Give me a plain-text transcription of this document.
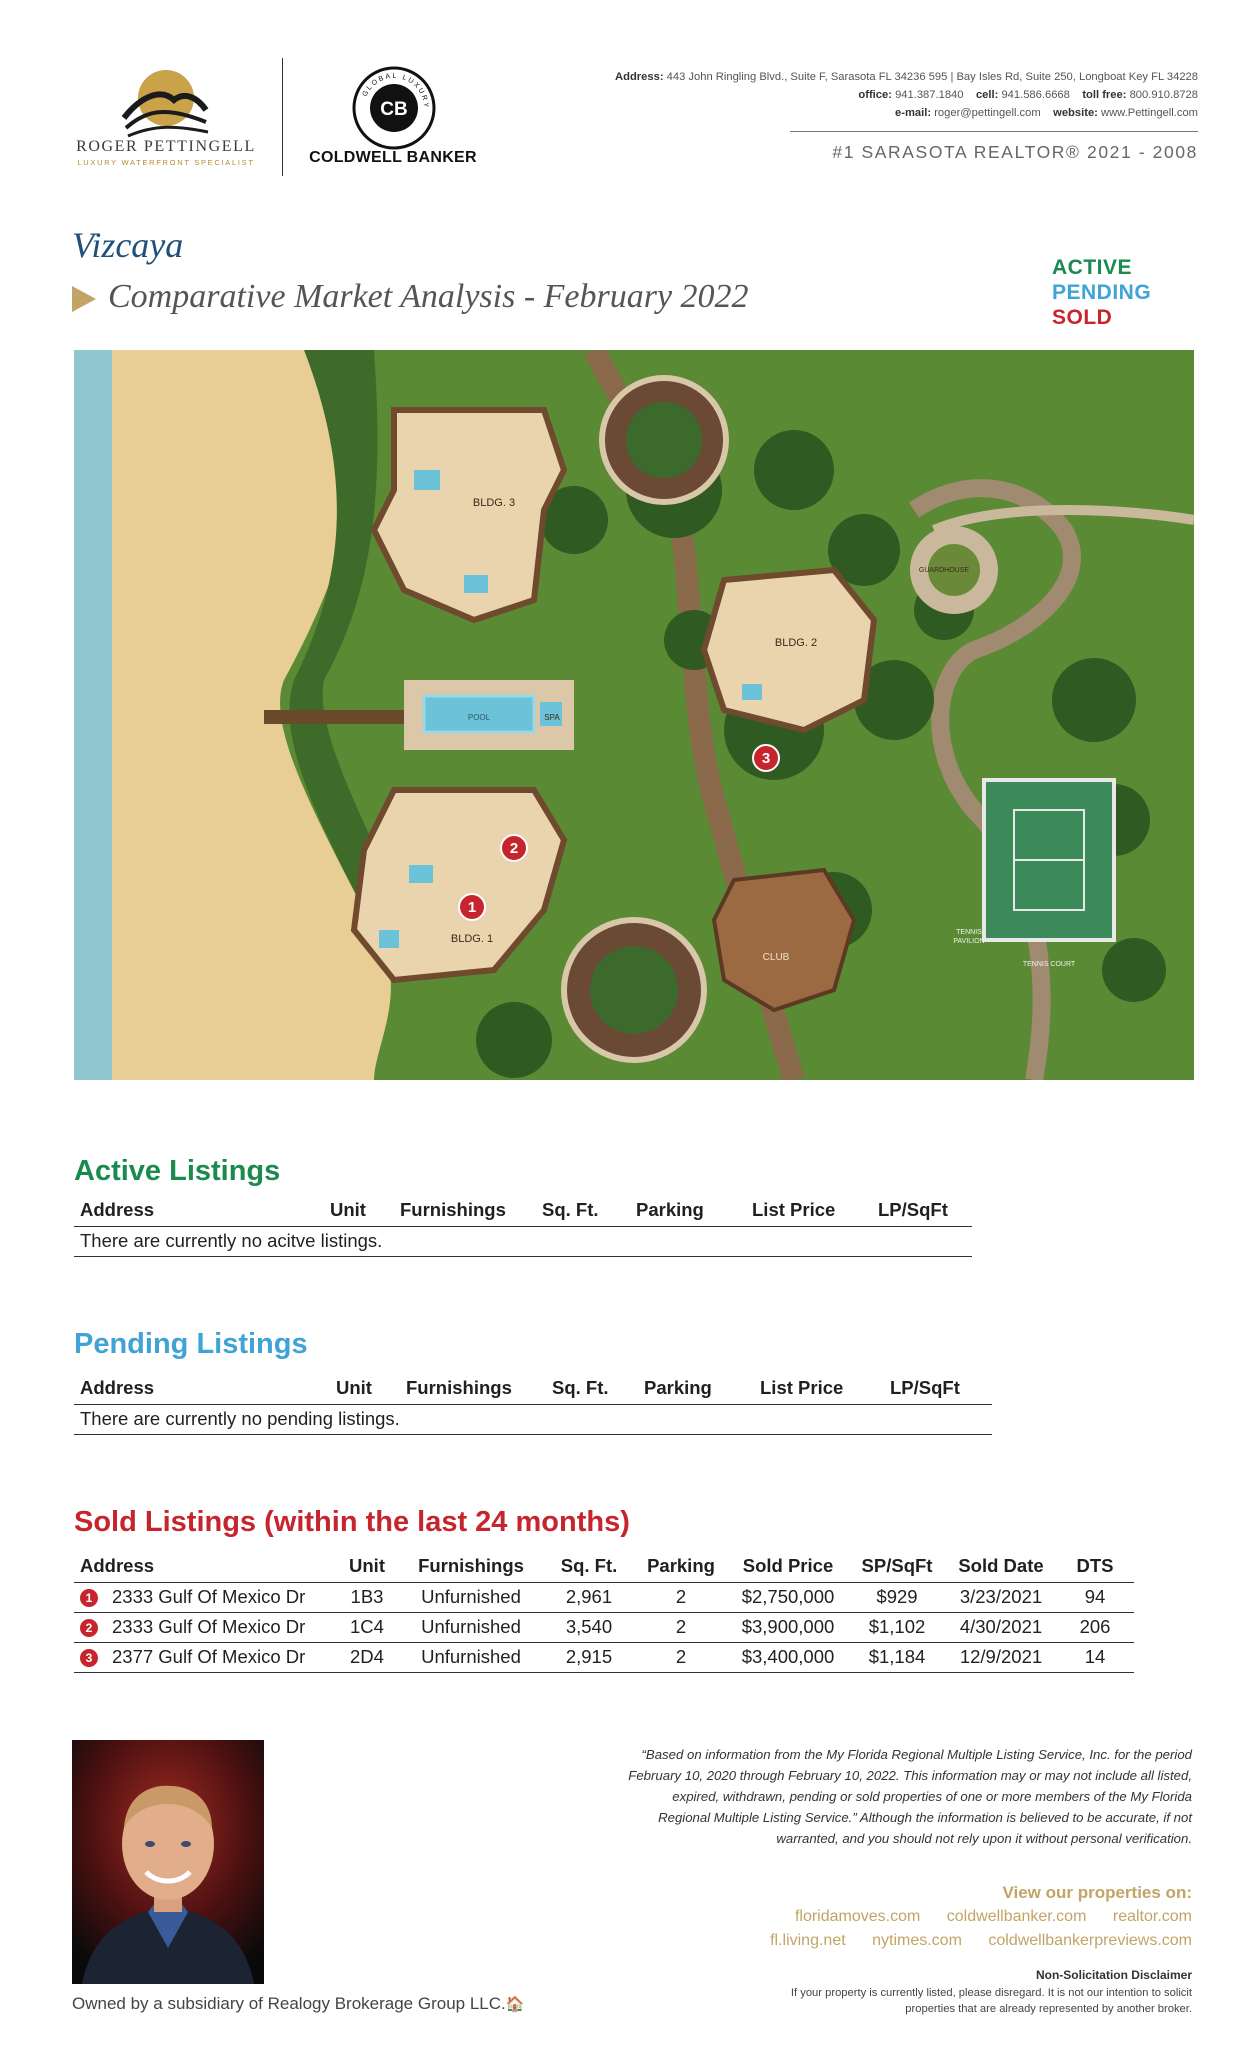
ROGER PETTINGELL
LUXURY WATERFRONT SPECIALIST
GLOBAL LUXURY
CB
COLDWELL BANKER
Address: 443 John Ringling Blvd., Suite F, Sarasota FL 34236 595 | Bay Isles Rd, Suite 250, Longboat Key FL 34228
office: 941.387.1840 cell: 941.586.6668 toll free: 800.910.8728
e-mail: roger@pettingell.com website: www.Pettingell.com
#1 SARASOTA REALTOR® 2021 - 2008
Vizcaya
Comparative Market Analysis - February 2022
ACTIVE
PENDING
SOLD
BLDG. 3
BLDG. 2
BLDG. 1
POOL	SPA
CLUB
GUARDHOUSE
TENNIS
PAVILION
TENNIS COURT
1
2
3
Active Listings
Address	Unit	Furnishings	Sq. Ft.	Parking	List Price	LP/SqFt
There are currently no acitve listings.
Pending Listings
Address	Unit	Furnishings	Sq. Ft.	Parking	List Price	LP/SqFt
There are currently no pending listings.
Sold Listings (within the last 24 months)
Address	Unit	Furnishings	Sq. Ft.	Parking	Sold Price	SP/SqFt	Sold Date	DTS
1 2333 Gulf Of Mexico Dr	1B3	Unfurnished	2,961	2	$2,750,000	$929	3/23/2021	94
2 2333 Gulf Of Mexico Dr	1C4	Unfurnished	3,540	2	$3,900,000	$1,102	4/30/2021	206
3 2377 Gulf Of Mexico Dr	2D4	Unfurnished	2,915	2	$3,400,000	$1,184	12/9/2021	14
Owned by a subsidiary of Realogy Brokerage Group LLC.🏠
“Based on information from the My Florida Regional Multiple Listing Service, Inc. for the period February 10, 2020 through February 10, 2022. This information may or may not include all listed, expired, withdrawn, pending or sold properties of one or more members of the My Florida Regional Multiple Listing Service.” Although the information is believed to be accurate, if not warranted, and you should not rely upon it without personal verification.
View our properties on:
floridamoves.com coldwellbanker.com realtor.com
fl.living.net nytimes.com coldwellbankerpreviews.com
Non-Solicitation Disclaimer
If your property is currently listed, please disregard. It is not our intention to solicit properties that are already represented by another broker.
